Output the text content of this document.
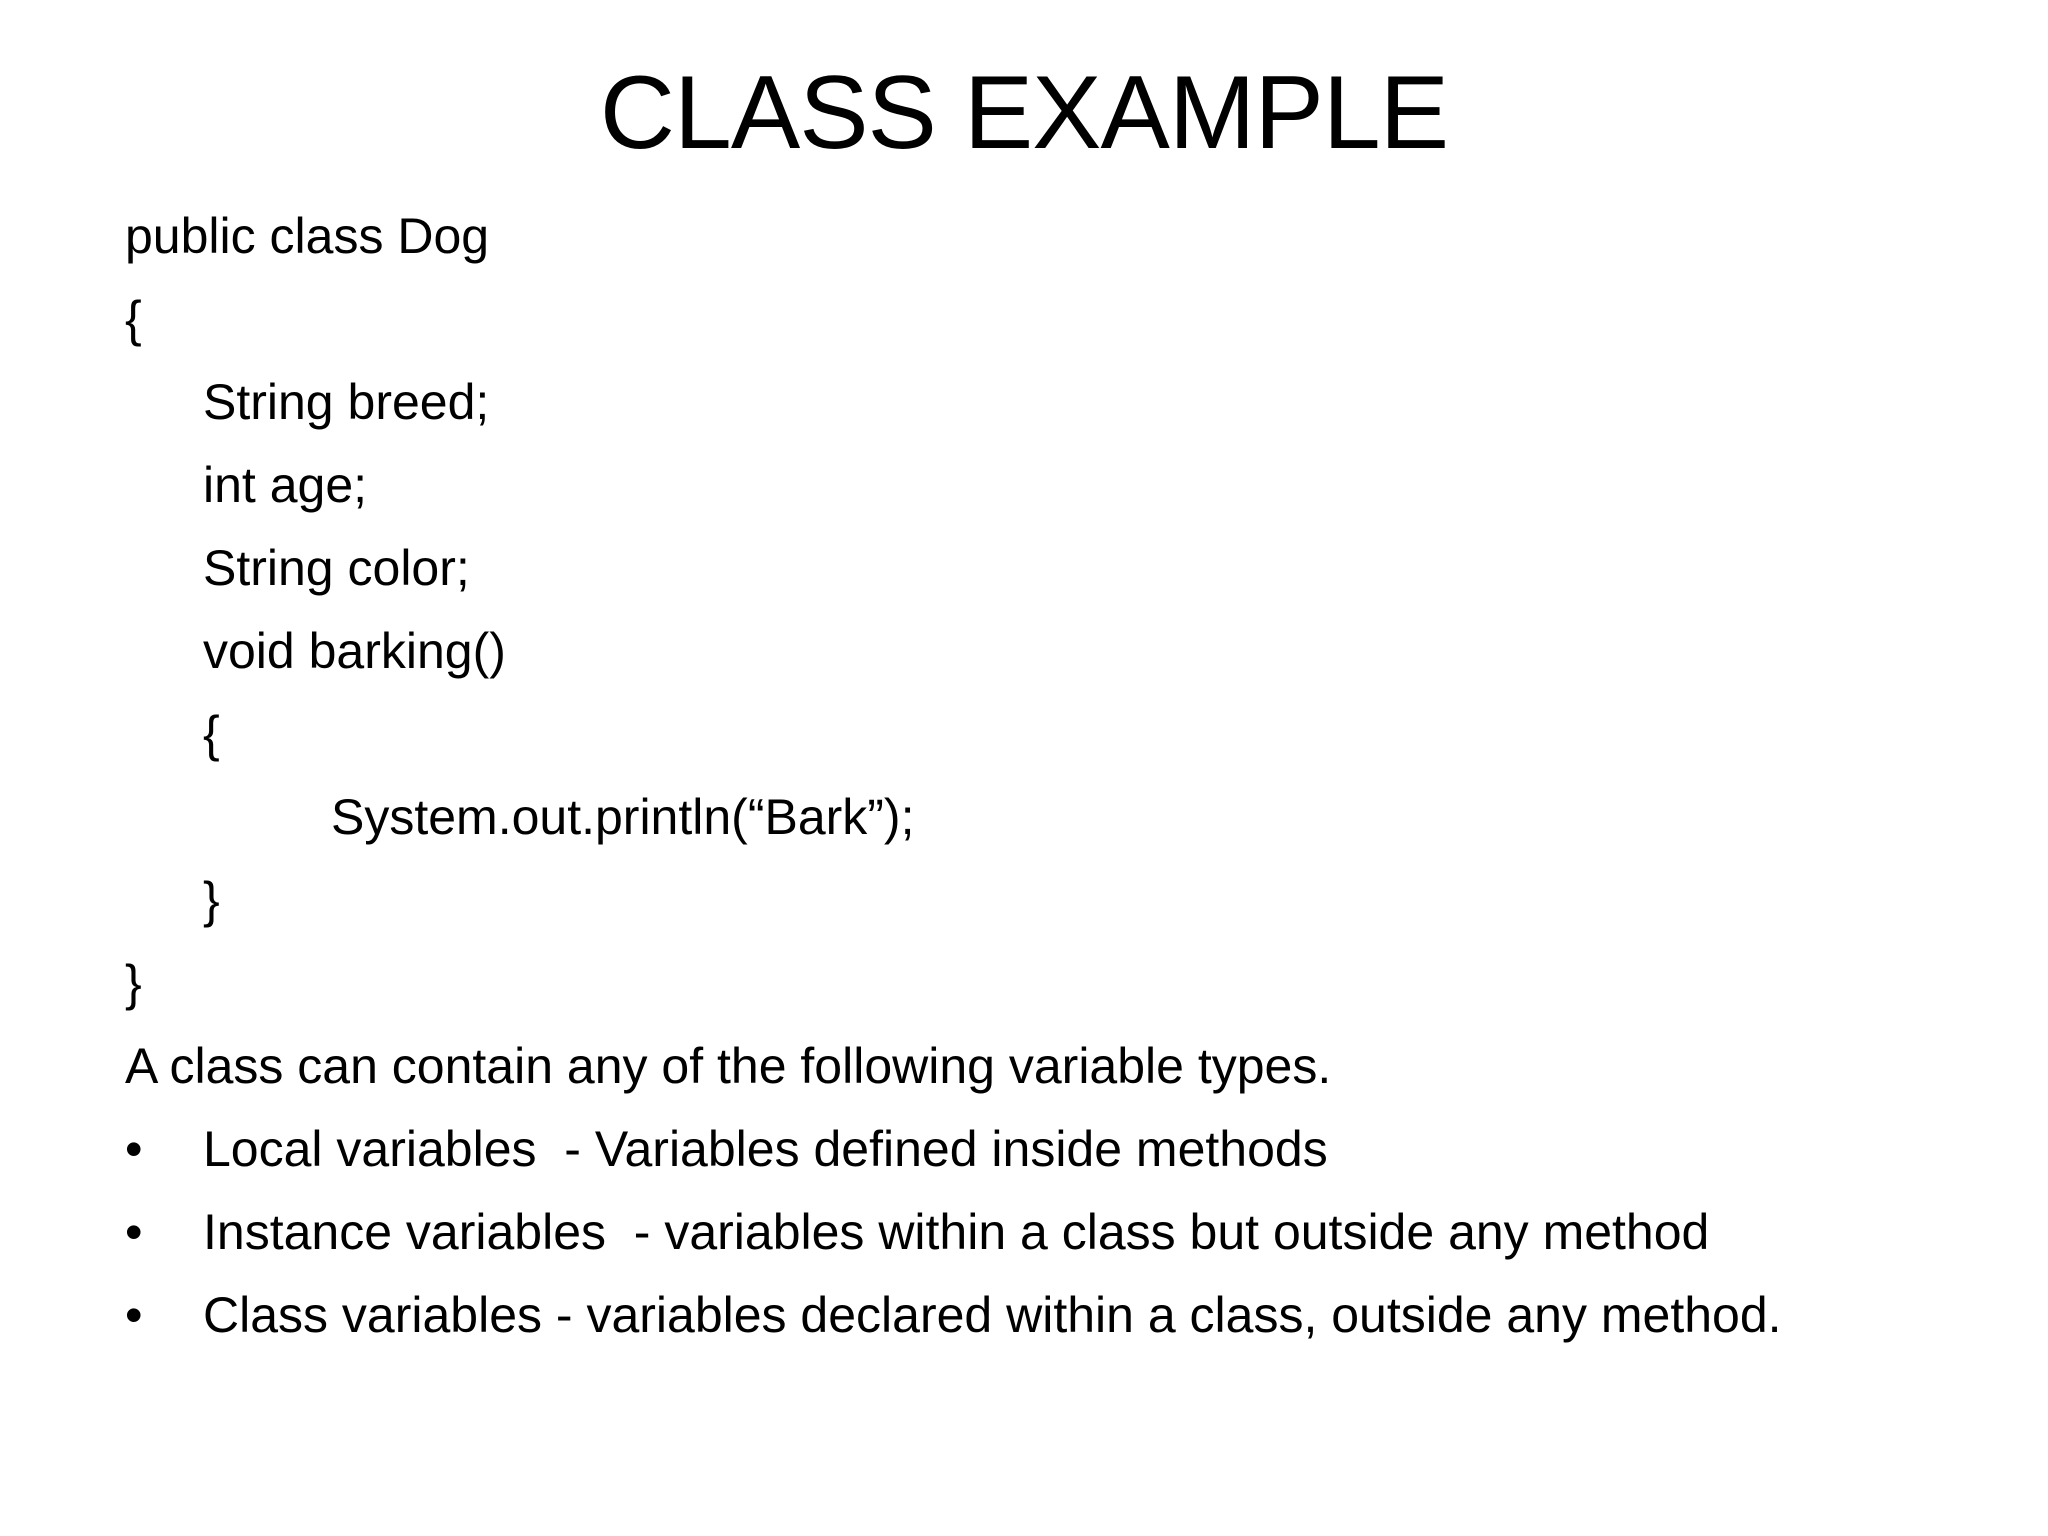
CLASS EXAMPLE
public class Dog
{
String breed;
int age;
String color;
void barking()
{
System.out.println(“Bark”);
}
}
A class can contain any of the following variable types.
•	Local variables  - Variables defined inside methods
•	Instance variables  - variables within a class but outside any method
•	Class variables - variables declared within a class, outside any method.
